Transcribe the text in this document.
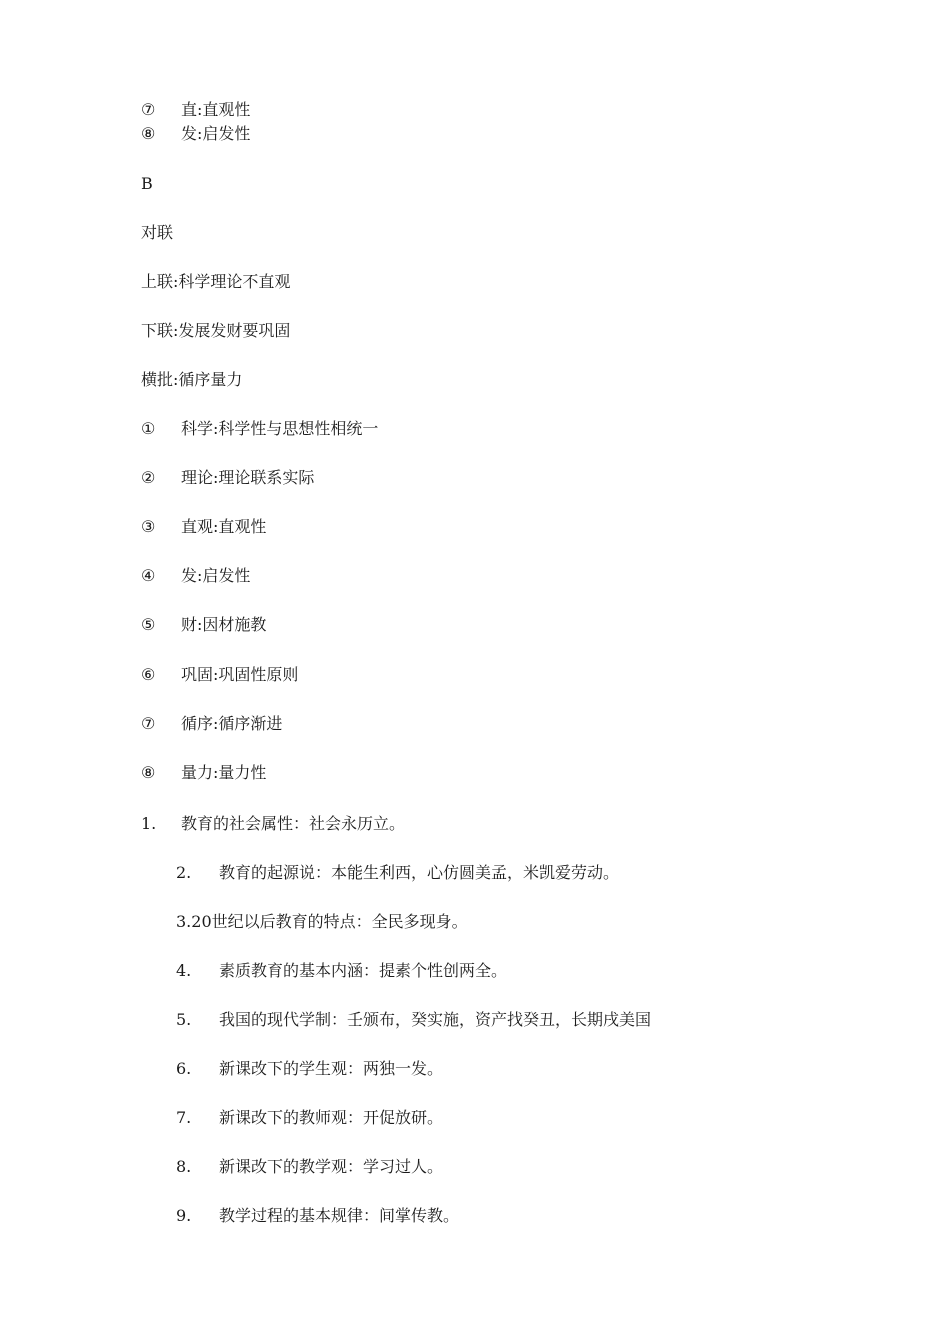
⑦ 直:直观性
⑧ 发:启发性
B
对联
上联:科学理论不直观
下联:发展发财要巩固
横批:循序量力
① 科学:科学性与思想性相统一
② 理论:理论联系实际
③ 直观:直观性
④ 发:启发性
⑤ 财:因材施教
⑥ 巩固:巩固性原则
⑦ 循序:循序渐进
⑧ 量力:量力性
1. 教育的社会属性：社会永历立。
2. 教育的起源说：本能生利西，心仿圆美孟，米凯爱劳动。
3.20世纪以后教育的特点：全民多现身。
4. 素质教育的基本内涵：提素个性创两全。
5. 我国的现代学制：壬颁布，癸实施，资产找癸丑，长期戌美国
6. 新课改下的学生观：两独一发。
7. 新课改下的教师观：开促放研。
8. 新课改下的教学观：学习过人。
9. 教学过程的基本规律：间掌传教。
